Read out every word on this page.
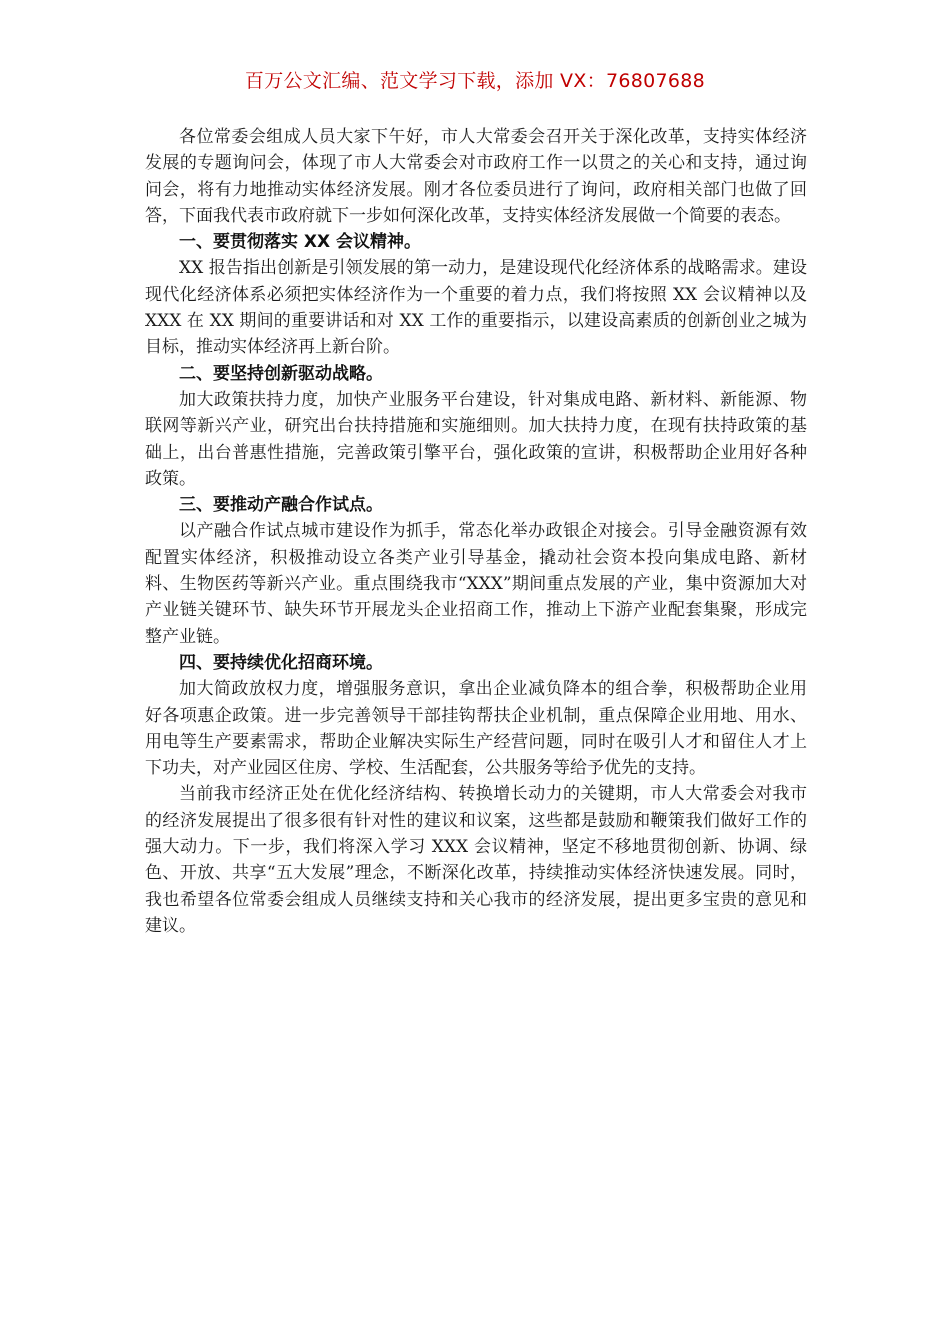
百万公文汇编、范文学习下载，添加 VX：76807688

各位常委会组成人员大家下午好，市人大常委会召开关于深化改革，支持实体经济发展的专题询问会，体现了市人大常委会对市政府工作一以贯之的关心和支持，通过询问会，将有力地推动实体经济发展。刚才各位委员进行了询问，政府相关部门也做了回答，下面我代表市政府就下一步如何深化改革，支持实体经济发展做一个简要的表态。

一、要贯彻落实 XX 会议精神。

XX 报告指出创新是引领发展的第一动力，是建设现代化经济体系的战略需求。建设现代化经济体系必须把实体经济作为一个重要的着力点，我们将按照 XX 会议精神以及 XXX 在 XX 期间的重要讲话和对 XX 工作的重要指示，以建设高素质的创新创业之城为目标，推动实体经济再上新台阶。

二、要坚持创新驱动战略。

加大政策扶持力度，加快产业服务平台建设，针对集成电路、新材料、新能源、物联网等新兴产业，研究出台扶持措施和实施细则。加大扶持力度，在现有扶持政策的基础上，出台普惠性措施，完善政策引擎平台，强化政策的宣讲，积极帮助企业用好各种政策。

三、要推动产融合作试点。

以产融合作试点城市建设作为抓手，常态化举办政银企对接会。引导金融资源有效配置实体经济，积极推动设立各类产业引导基金，撬动社会资本投向集成电路、新材料、生物医药等新兴产业。重点围绕我市“XXX”期间重点发展的产业，集中资源加大对产业链关键环节、缺失环节开展龙头企业招商工作，推动上下游产业配套集聚，形成完整产业链。

四、要持续优化招商环境。

加大简政放权力度，增强服务意识，拿出企业减负降本的组合拳，积极帮助企业用好各项惠企政策。进一步完善领导干部挂钩帮扶企业机制，重点保障企业用地、用水、用电等生产要素需求，帮助企业解决实际生产经营问题，同时在吸引人才和留住人才上下功夫，对产业园区住房、学校、生活配套，公共服务等给予优先的支持。

当前我市经济正处在优化经济结构、转换增长动力的关键期，市人大常委会对我市的经济发展提出了很多很有针对性的建议和议案，这些都是鼓励和鞭策我们做好工作的强大动力。下一步，我们将深入学习 XXX 会议精神，坚定不移地贯彻创新、协调、绿色、开放、共享“五大发展”理念，不断深化改革，持续推动实体经济快速发展。同时，我也希望各位常委会组成人员继续支持和关心我市的经济发展，提出更多宝贵的意见和建议。
